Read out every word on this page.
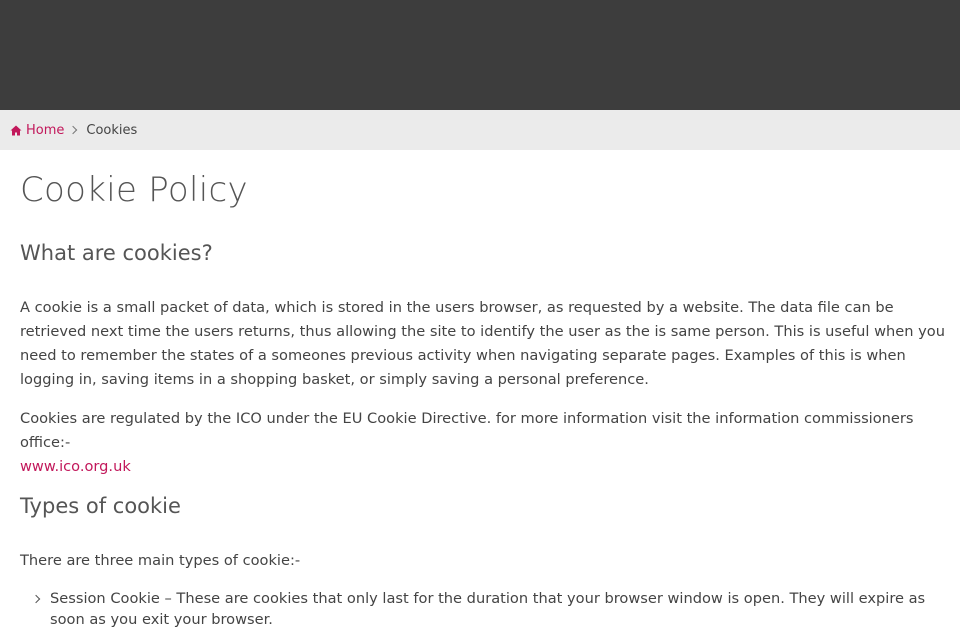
Home Cookies
Cookie Policy
What are cookies?

A cookie is a small packet of data, which is stored in the users browser, as requested by a website. The data file can be retrieved next time the users returns, thus allowing the site to identify the user as the is same person. This is useful when you need to remember the states of a someones previous activity when navigating separate pages. Examples of this is when logging in, saving items in a shopping basket, or simply saving a personal preference.

Cookies are regulated by the ICO under the EU Cookie Directive. for more information visit the information commissioners office:-
www.ico.org.uk

Types of cookie

There are three main types of cookie:-

Session Cookie – These are cookies that only last for the duration that your browser window is open. They will expire as soon as you exit your browser.
